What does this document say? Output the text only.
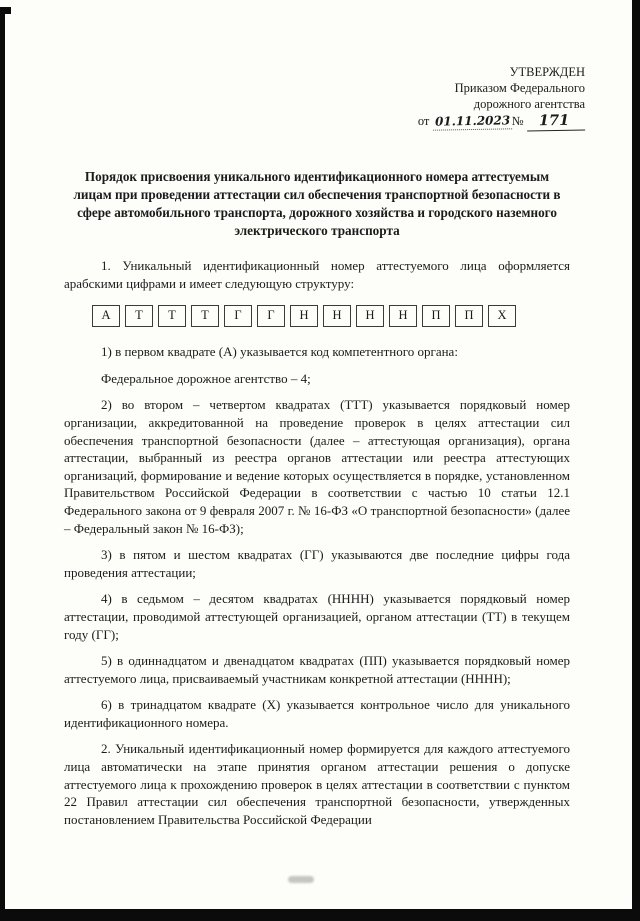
УТВЕРЖДЕН
Приказом Федерального
дорожного агентства
от 01.11.2023 № 171
Порядок присвоения уникального идентификационного номера аттестуемым лицам при проведении аттестации сил обеспечения транспортной безопасности в сфере автомобильного транспорта, дорожного хозяйства и городского наземного электрического транспорта

1. Уникальный идентификационный номер аттестуемого лица оформляется арабскими цифрами и имеет следующую структуру:

А	Т	Т	Т	Г	Г	Н	Н	Н	Н	П	П	Х

1) в первом квадрате (А) указывается код компетентного органа:

Федеральное дорожное агентство – 4;

2) во втором – четвертом квадратах (ТТТ) указывается порядковый номер организации, аккредитованной на проведение проверок в целях аттестации сил обеспечения транспортной безопасности (далее – аттестующая организация), органа аттестации, выбранный из реестра органов аттестации или реестра аттестующих организаций, формирование и ведение которых осуществляется в порядке, установленном Правительством Российской Федерации в соответствии с частью 10 статьи 12.1 Федерального закона от 9 февраля 2007 г. № 16-ФЗ «О транспортной безопасности» (далее – Федеральный закон № 16-ФЗ);

3) в пятом и шестом квадратах (ГГ) указываются две последние цифры года проведения аттестации;

4) в седьмом – десятом квадратах (НННН) указывается порядковый номер аттестации, проводимой аттестующей организацией, органом аттестации (ТТ) в текущем году (ГГ);

5) в одиннадцатом и двенадцатом квадратах (ПП) указывается порядковый номер аттестуемого лица, присваиваемый участникам конкретной аттестации (НННН);

6) в тринадцатом квадрате (Х) указывается контрольное число для уникального идентификационного номера.

2. Уникальный идентификационный номер формируется для каждого аттестуемого лица автоматически на этапе принятия органом аттестации решения о допуске аттестуемого лица к прохождению проверок в целях аттестации в соответствии с пунктом 22 Правил аттестации сил обеспечения транспортной безопасности, утвержденных постановлением Правительства Российской Федерации
